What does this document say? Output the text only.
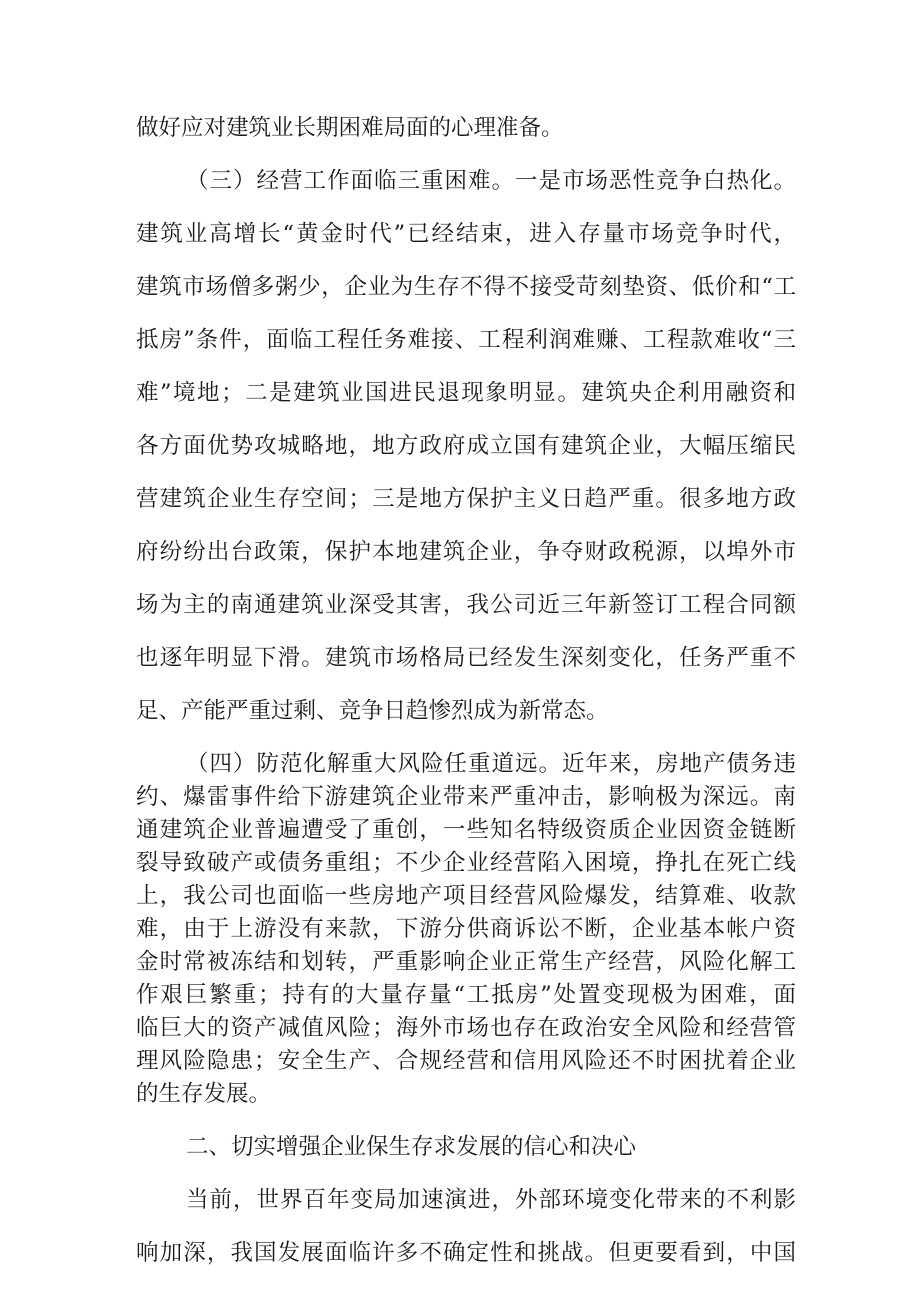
做好应对建筑业长期困难局面的心理准备。
（三）经营工作面临三重困难。一是市场恶性竞争白热化。
建筑业高增长“黄金时代”已经结束，进入存量市场竞争时代，
建筑市场僧多粥少，企业为生存不得不接受苛刻垫资、低价和“工
抵房”条件，面临工程任务难接、工程利润难赚、工程款难收“三
难”境地；二是建筑业国进民退现象明显。建筑央企利用融资和
各方面优势攻城略地，地方政府成立国有建筑企业，大幅压缩民
营建筑企业生存空间；三是地方保护主义日趋严重。很多地方政
府纷纷出台政策，保护本地建筑企业，争夺财政税源，以埠外市
场为主的南通建筑业深受其害，我公司近三年新签订工程合同额
也逐年明显下滑。建筑市场格局已经发生深刻变化，任务严重不
足、产能严重过剩、竞争日趋惨烈成为新常态。
（四）防范化解重大风险任重道远。近年来，房地产债务违
约、爆雷事件给下游建筑企业带来严重冲击，影响极为深远。南
通建筑企业普遍遭受了重创，一些知名特级资质企业因资金链断
裂导致破产或债务重组；不少企业经营陷入困境，挣扎在死亡线
上，我公司也面临一些房地产项目经营风险爆发，结算难、收款
难，由于上游没有来款，下游分供商诉讼不断，企业基本帐户资
金时常被冻结和划转，严重影响企业正常生产经营，风险化解工
作艰巨繁重；持有的大量存量“工抵房”处置变现极为困难，面
临巨大的资产减值风险；海外市场也存在政治安全风险和经营管
理风险隐患；安全生产、合规经营和信用风险还不时困扰着企业
的生存发展。
二、切实增强企业保生存求发展的信心和决心
当前，世界百年变局加速演进，外部环境变化带来的不利影
响加深，我国发展面临许多不确定性和挑战。但更要看到，中国
